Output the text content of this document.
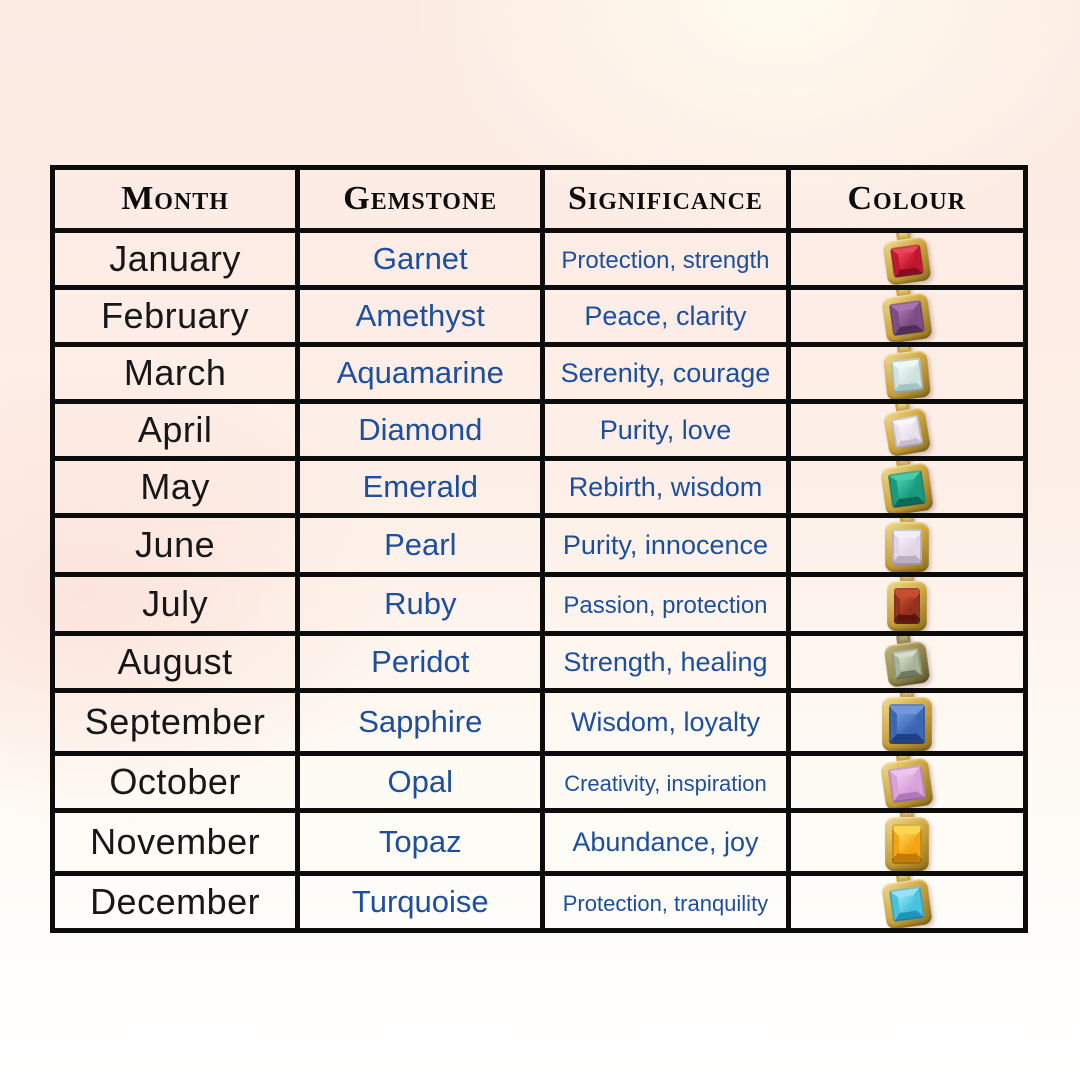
Month	Gemstone	Significance	Colour
January	Garnet	Protection, strength	

February	Amethyst	Peace, clarity	

March	Aquamarine	Serenity, courage	

April	Diamond	Purity, love	

May	Emerald	Rebirth, wisdom	

June	Pearl	Purity, innocence	

July	Ruby	Passion, protection	

August	Peridot	Strength, healing	

September	Sapphire	Wisdom, loyalty	

October	Opal	Creativity, inspiration	

November	Topaz	Abundance, joy	

December	Turquoise	Protection, tranquility	
